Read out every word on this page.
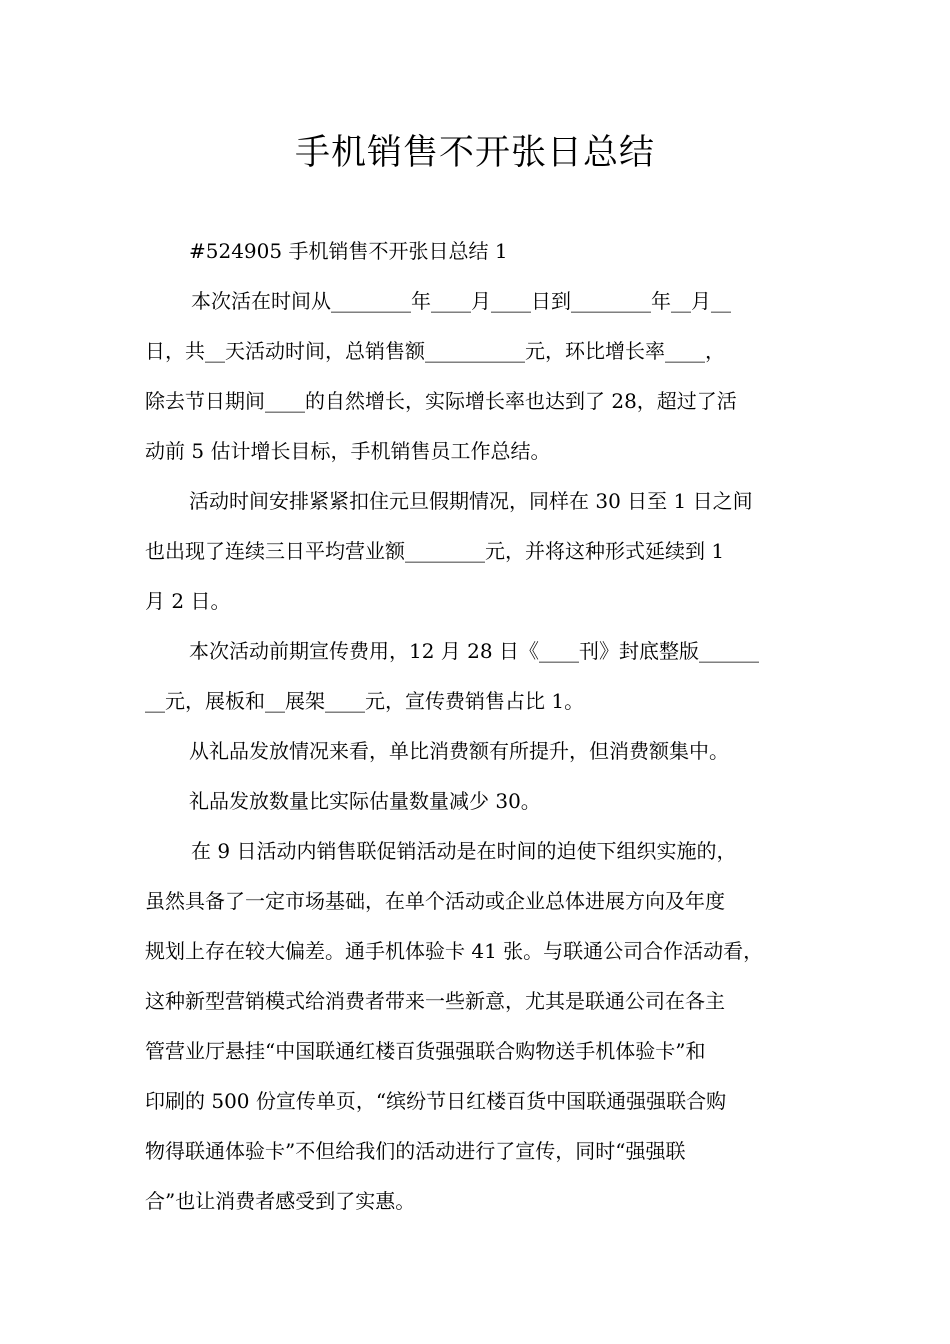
手机销售不开张日总结
#524905 手机销售不开张日总结 1
本次活在时间从________年____月____日到________年__月__
日，共__天活动时间，总销售额__________元，环比增长率____，
除去节日期间____的自然增长，实际增长率也达到了 28，超过了活
动前 5 估计增长目标，手机销售员工作总结。
活动时间安排紧紧扣住元旦假期情况，同样在 30 日至 1 日之间
也出现了连续三日平均营业额________元，并将这种形式延续到 1
月 2 日。
本次活动前期宣传费用，12 月 28 日《____刊》封底整版______
__元，展板和__展架____元，宣传费销售占比 1。
从礼品发放情况来看，单比消费额有所提升，但消费额集中。
礼品发放数量比实际估量数量减少 30。
在 9 日活动内销售联促销活动是在时间的迫使下组织实施的，
虽然具备了一定市场基础，在单个活动或企业总体进展方向及年度
规划上存在较大偏差。通手机体验卡 41 张。与联通公司合作活动看，
这种新型营销模式给消费者带来一些新意，尤其是联通公司在各主
管营业厅悬挂“中国联通红楼百货强强联合购物送手机体验卡”和
印刷的 500 份宣传单页，“缤纷节日红楼百货中国联通强强联合购
物得联通体验卡”不但给我们的活动进行了宣传，同时“强强联
合”也让消费者感受到了实惠。
